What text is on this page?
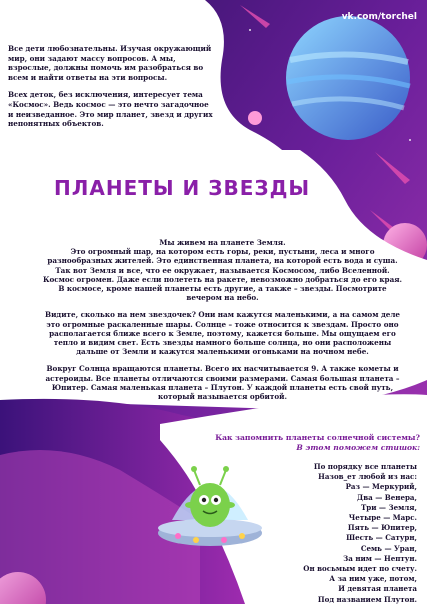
vk.com/torchel

Все дети любознательны. Изучая окружающий мир, они задают массу вопросов. А мы, взрослые, должны помочь им разобраться во всем и найти ответы на эти вопросы.

Всех деток, без исключения, интересует тема «Космос». Ведь космос — это нечто загадочное и неизведанное. Это мир планет, звезд и других непонятных объектов.

ПЛАНЕТЫ И ЗВЕЗДЫ

Мы живем на планете Земля.

Это огромный шар, на котором есть горы, реки, пустыни, леса и много разнообразных жителей. Это единственная планета, на которой есть вода и суша. Так вот Земля и все, что ее окружает, называется Космосом, либо Вселенной. Космос огромен. Даже если полететь на ракете, невозможно добраться до его края. В космосе, кроме нашей планеты есть другие, а также – звезды. Посмотрите вечером на небо.

Видите, сколько на нем звездочек? Они нам кажутся маленькими, а на самом деле это огромные раскаленные шары. Солнце – тоже относится к звездам. Просто оно располагается ближе всего к Земле, поэтому, кажется больше. Мы ощущаем его тепло и видим свет. Есть звезды намного больше солнца, но они расположены дальше от Земли и кажутся маленькими огоньками на ночном небе.

Вокруг Солнца вращаются планеты. Всего их насчитывается 9. А также кометы и астероиды. Все планеты отличаются своими размерами. Самая большая планета – Юпитер. Самая маленькая планета – Плутон. У каждой планеты есть свой путь, который называется орбитой.

Как запомнить планеты солнечной системы?
В этом поможем стишок:
По порядку все планеты
Назов_ет любой из нас:
Раз — Меркурий,
Два — Венера,
Три — Земля,
Четыре — Марс.
Пять — Юпитер,
Шесть — Сатурн,
Семь — Уран,
За ним — Нептун.
Он восьмым идет по счету.
А за ним уже, потом,
И девятая планета
Под названием Плутон.
